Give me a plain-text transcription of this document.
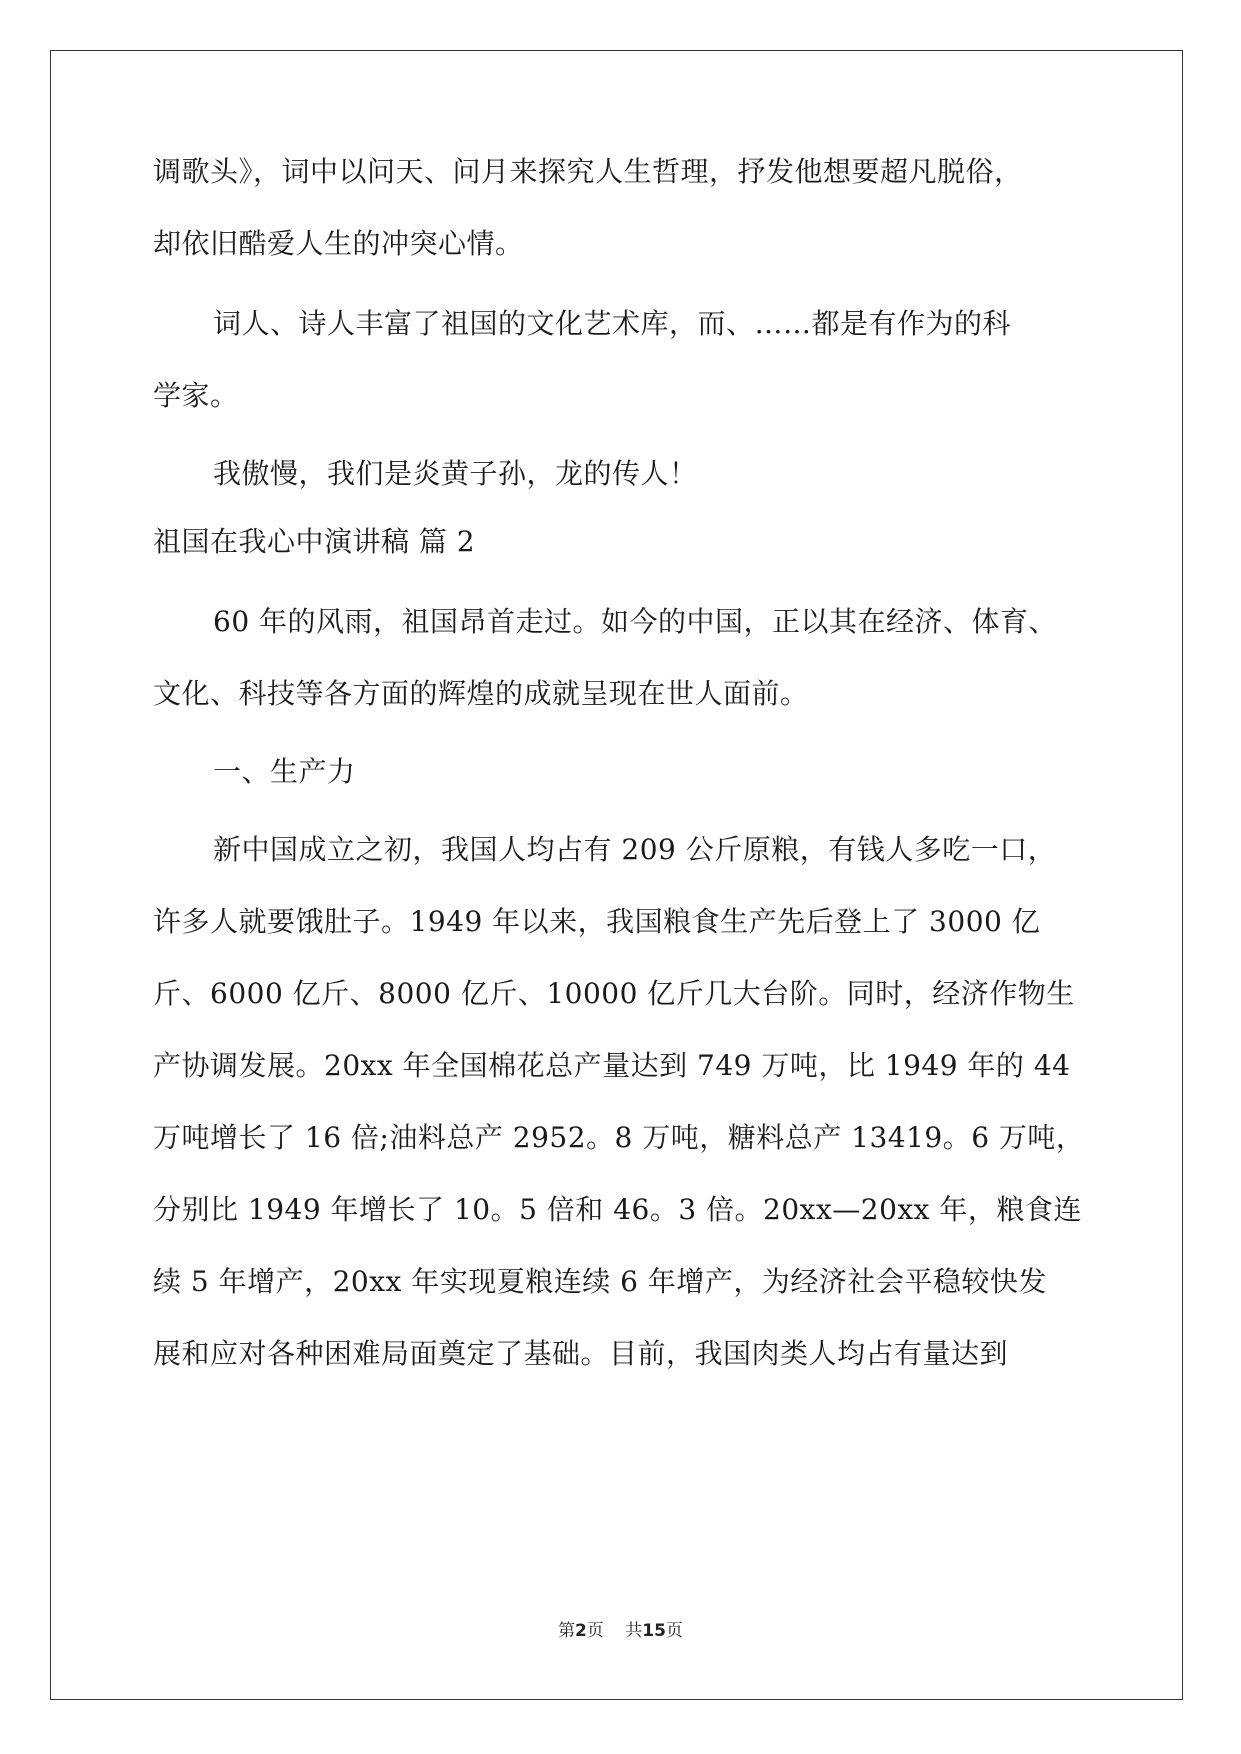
调歌头》，词中以问天、问月来探究人生哲理，抒发他想要超凡脱俗，
却依旧酷爱人生的冲突心情。
词人、诗人丰富了祖国的文化艺术库，而、……都是有作为的科
学家。
我傲慢，我们是炎黄子孙，龙的传人！
祖国在我心中演讲稿 篇 2
60 年的风雨，祖国昂首走过。如今的中国，正以其在经济、体育、
文化、科技等各方面的辉煌的成就呈现在世人面前。
一、生产力
新中国成立之初，我国人均占有 209 公斤原粮，有钱人多吃一口，
许多人就要饿肚子。1949 年以来，我国粮食生产先后登上了 3000 亿
斤、6000 亿斤、8000 亿斤、10000 亿斤几大台阶。同时，经济作物生
产协调发展。20xx 年全国棉花总产量达到 749 万吨，比 1949 年的 44
万吨增长了 16 倍;油料总产 2952。8 万吨，糖料总产 13419。6 万吨，
分别比 1949 年增长了 10。5 倍和 46。3 倍。20xx—20xx 年，粮食连
续 5 年增产，20xx 年实现夏粮连续 6 年增产，为经济社会平稳较快发
展和应对各种困难局面奠定了基础。目前，我国肉类人均占有量达到
第2页 共15页
